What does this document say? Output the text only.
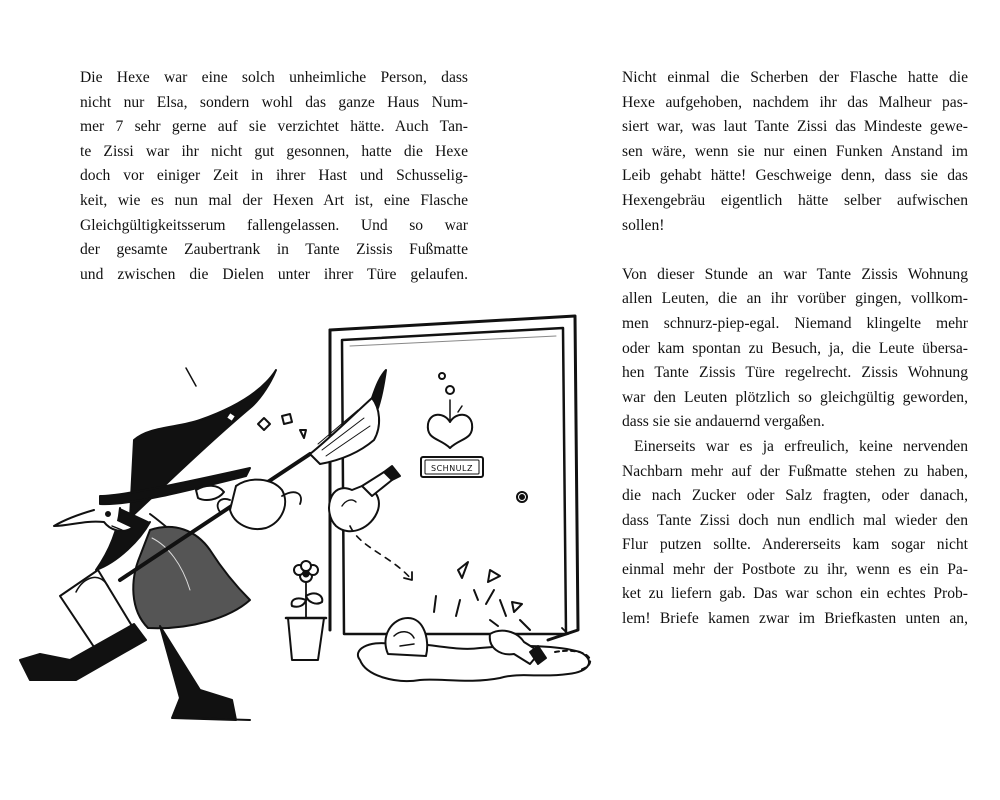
Die Hexe war eine solch unheimliche Person, dass
nicht nur Elsa, sondern wohl das ganze Haus Num-
mer 7 sehr gerne auf sie verzichtet hätte. Auch Tan-
te Zissi war ihr nicht gut gesonnen, hatte die Hexe
doch vor einiger Zeit in ihrer Hast und Schusselig-
keit, wie es nun mal der Hexen Art ist, eine Flasche
Gleichgültigkeitsserum fallengelassen. Und so war
der gesamte Zaubertrank in Tante Zissis Fußmatte
und zwischen die Dielen unter ihrer Türe gelaufen.
Nicht einmal die Scherben der Flasche hatte die
Hexe aufgehoben, nachdem ihr das Malheur pas-
siert war, was laut Tante Zissi das Mindeste gewe-
sen wäre, wenn sie nur einen Funken Anstand im
Leib gehabt hätte! Geschweige denn, dass sie das
Hexengebräu eigentlich hätte selber aufwischen
sollen!
Von dieser Stunde an war Tante Zissis Wohnung
allen Leuten, die an ihr vorüber gingen, vollkom-
men schnurz-piep-egal. Niemand klingelte mehr
oder kam spontan zu Besuch, ja, die Leute übersa-
hen Tante Zissis Türe regelrecht. Zissis Wohnung
war den Leuten plötzlich so gleichgültig geworden,
dass sie sie andauernd vergaßen.
Einerseits war es ja erfreulich, keine nervenden
Nachbarn mehr auf der Fußmatte stehen zu haben,
die nach Zucker oder Salz fragten, oder danach,
dass Tante Zissi doch nun endlich mal wieder den
Flur putzen sollte. Andererseits kam sogar nicht
einmal mehr der Postbote zu ihr, wenn es ein Pa-
ket zu liefern gab. Das war schon ein echtes Prob-
lem! Briefe kamen zwar im Briefkasten unten an,
SCHNULZ
